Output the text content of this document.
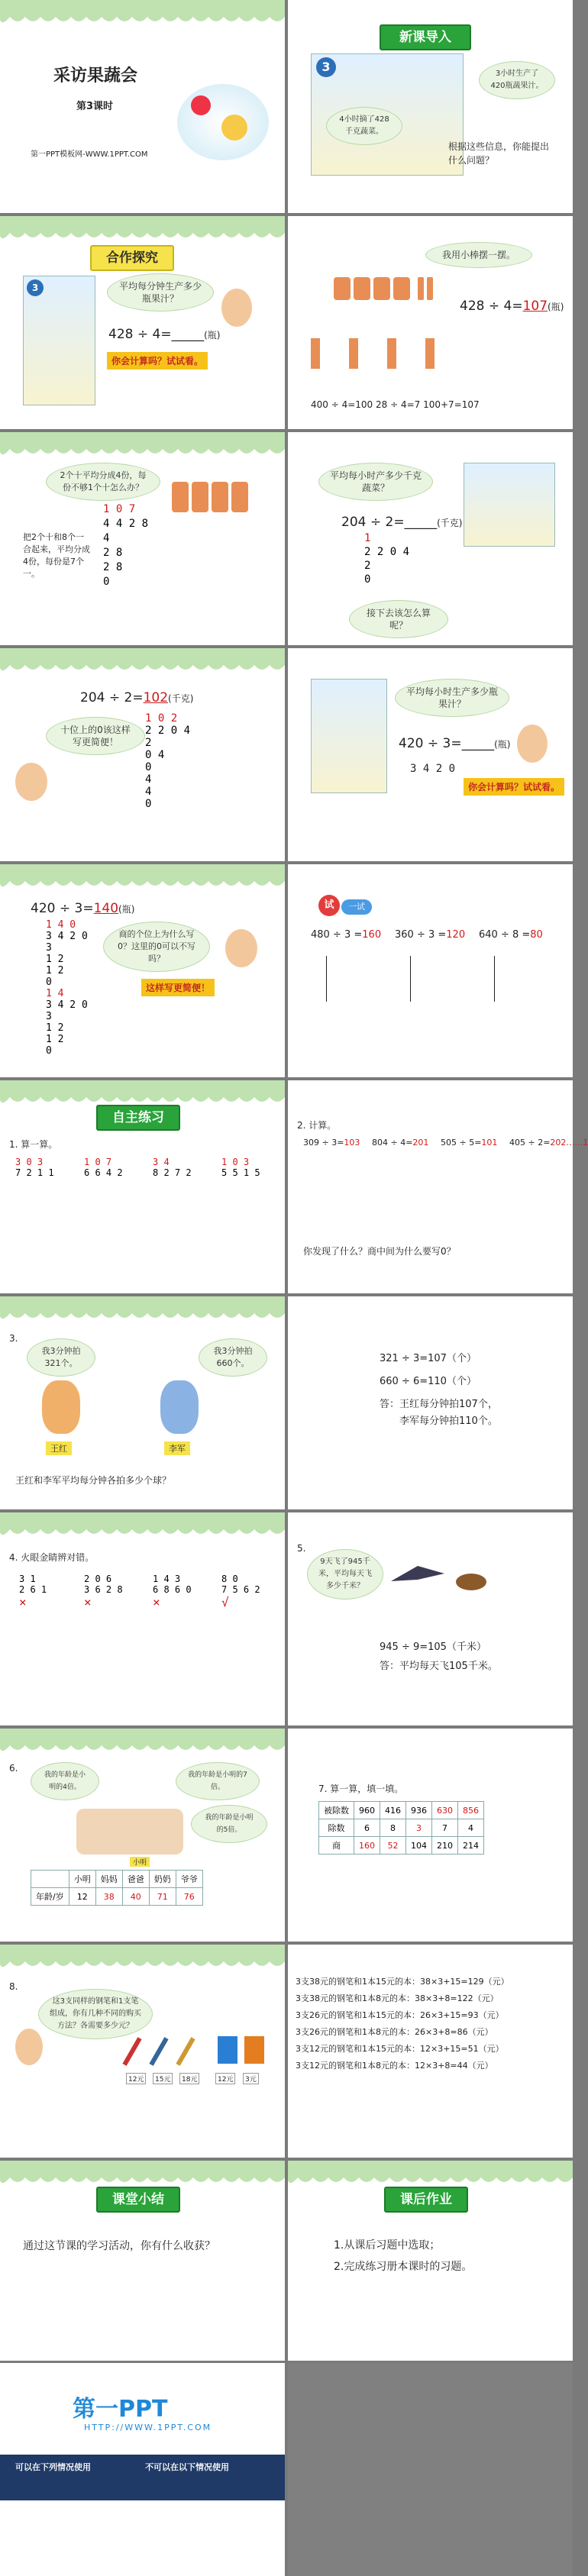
采访果蔬会
第3课时
第一PPT模板网-WWW.1PPT.COM
新课导入
3	3小时生产了420瓶蔬果汁。
4小时摘了428千克蔬菜。
根据这些信息，你能提出什么问题？
合作探究
3	平均每分钟生产多少瓶果汁？
428 ÷ 4=_____(瓶)
你会计算吗？试试看。
我用小棒摆一摆。
428 ÷ 4=107(瓶)
400 ÷ 4=100 28 ÷ 4=7 100+7=107
2个十平均分成4份，每份不够1个十怎么办？
1 0 7
4 4 2 8
4
2 8
2 8
0
把2个十和8个一合起来，平均分成4份，每份是7个一。
平均每小时产多少千克蔬菜？
204 ÷ 2=_____(千克)
1
2 2 0 4
2
0
接下去该怎么算呢？
204 ÷ 2=102(千克)
十位上的0该这样写更简便！
1 0 2
2 2 0 4
2
0 4
0
4
4
0
平均每小时生产多少瓶果汁？
420 ÷ 3=_____(瓶)
3 4 2 0
你会计算吗？试试看。
420 ÷ 3=140(瓶)
1 4 0
3 4 2 0
3
1 2
1 2
0
1 4
3 4 2 0
3
1 2
1 2
0
商的个位上为什么写0？这里的0可以不写吗？
这样写更简便！
试	一试
480 ÷ 3 =160 360 ÷ 3 =120 640 ÷ 8 =80
自主练习
1. 算一算。
3 0 3
7 2 1 1
1 0 7
6 6 4 2
3 4
8 2 7 2
1 0 3
5 5 1 5
2. 计算。
309 ÷ 3=103 804 ÷ 4=201 505 ÷ 5=101 405 ÷ 2=202……1
你发现了什么？商中间为什么要写0？
3.
我3分钟拍321个。
我3分钟拍660个。
王红	李军
王红和李军平均每分钟各拍多少个球？
321 ÷ 3=107（个）
660 ÷ 6=110（个）
答：王红每分钟拍107个，
李军每分钟拍110个。
4. 火眼金睛辨对错。
3 1
2 6 1
×
2 0 6
3 6 2 8
×
1 4 3
6 8 6 0
×
8 0
7 5 6 2
√
5.
9天飞了945千米，平均每天飞多少千米？
945 ÷ 9=105（千米）
答：平均每天飞105千米。
6.
我的年龄是小明的4倍。
我的年龄是小明的7倍。
我的年龄是小明的5倍。
小明
	小明	妈妈	爸爸	奶奶	爷爷
年龄/岁	12	38	40	71	76
7. 算一算，填一填。
被除数	960	416	936	630	856
除数	6	8	3	7	4
商	160	52	104	210	214
8.
这3支同样的钢笔和1支笔组成，你有几种不同的购买方法？各需要多少元？
12元	15元	18元	12元	3元
3支38元的钢笔和1本15元的本：38×3+15=129（元）
3支38元的钢笔和1本8元的本：38×3+8=122（元）
3支26元的钢笔和1本15元的本：26×3+15=93（元）
3支26元的钢笔和1本8元的本：26×3+8=86（元）
3支12元的钢笔和1本15元的本：12×3+15=51（元）
3支12元的钢笔和1本8元的本：12×3+8=44（元）
课堂小结
通过这节课的学习活动，你有什么收获？
课后作业
1.从课后习题中选取；
2.完成练习册本课时的习题。
第一PPT
HTTP://WWW.1PPT.COM
可以在下列情况使用	不可以在以下情况使用
